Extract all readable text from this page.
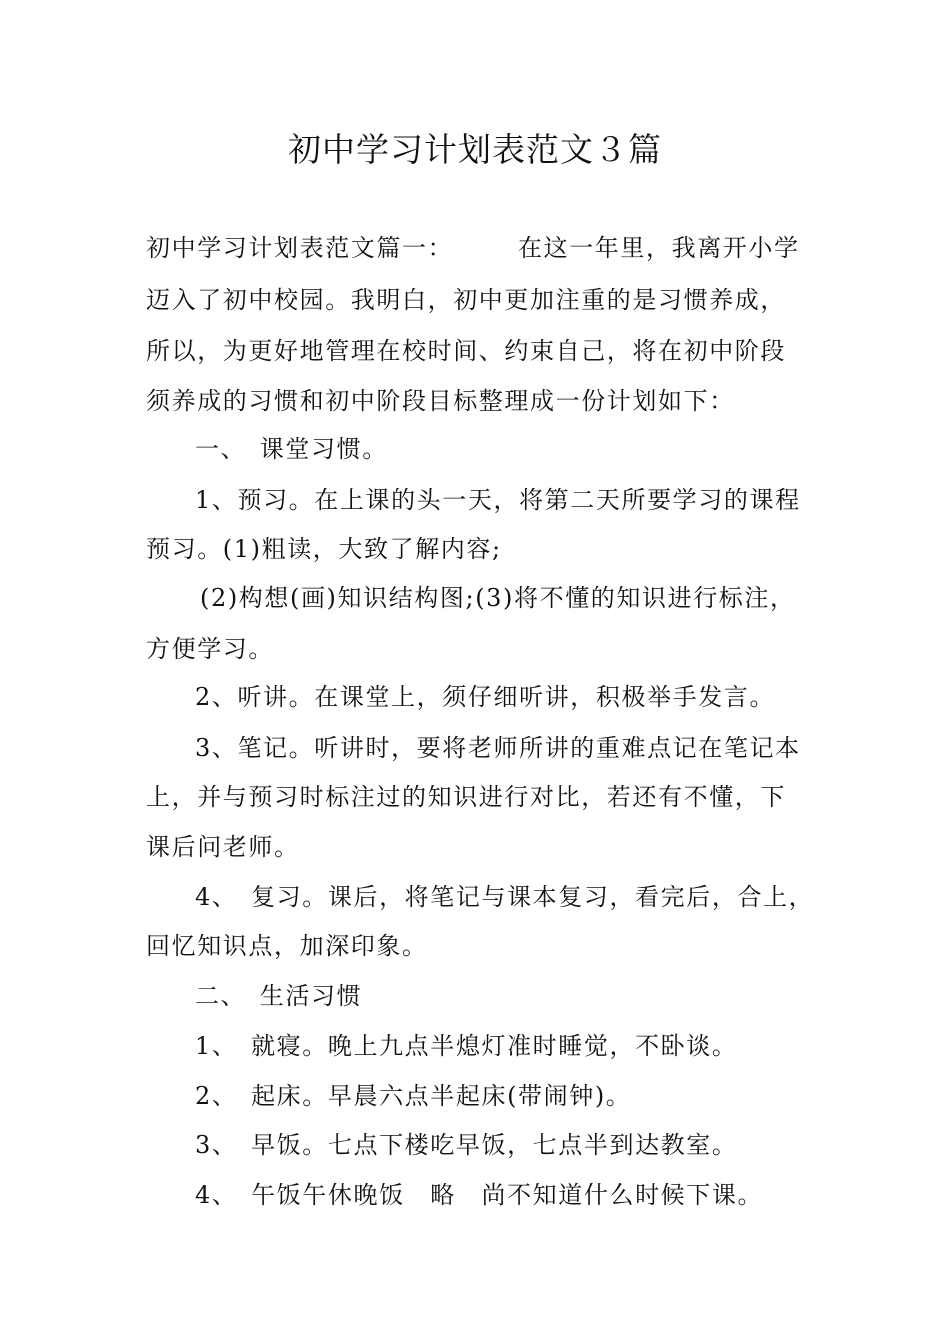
初中学习计划表范文３篇
初中学习计划表范文篇一：　　　在这一年里，我离开小学
迈入了初中校园。我明白，初中更加注重的是习惯养成，
所以，为更好地管理在校时间、约束自己，将在初中阶段
须养成的习惯和初中阶段目标整理成一份计划如下：
一、　课堂习惯。
1、预习。在上课的头一天，将第二天所要学习的课程
预习。(1)粗读，大致了解内容;
(2)构想(画)知识结构图;(3)将不懂的知识进行标注，
方便学习。
2、听讲。在课堂上，须仔细听讲，积极举手发言。
3、笔记。听讲时，要将老师所讲的重难点记在笔记本
上，并与预习时标注过的知识进行对比，若还有不懂，下
课后问老师。
4、　复习。课后，将笔记与课本复习，看完后，合上，
回忆知识点，加深印象。
二、　生活习惯
1、　就寝。晚上九点半熄灯准时睡觉，不卧谈。
2、　起床。早晨六点半起床(带闹钟)。
3、　早饭。七点下楼吃早饭，七点半到达教室。
4、　午饭午休晚饭　略　尚不知道什么时候下课。
